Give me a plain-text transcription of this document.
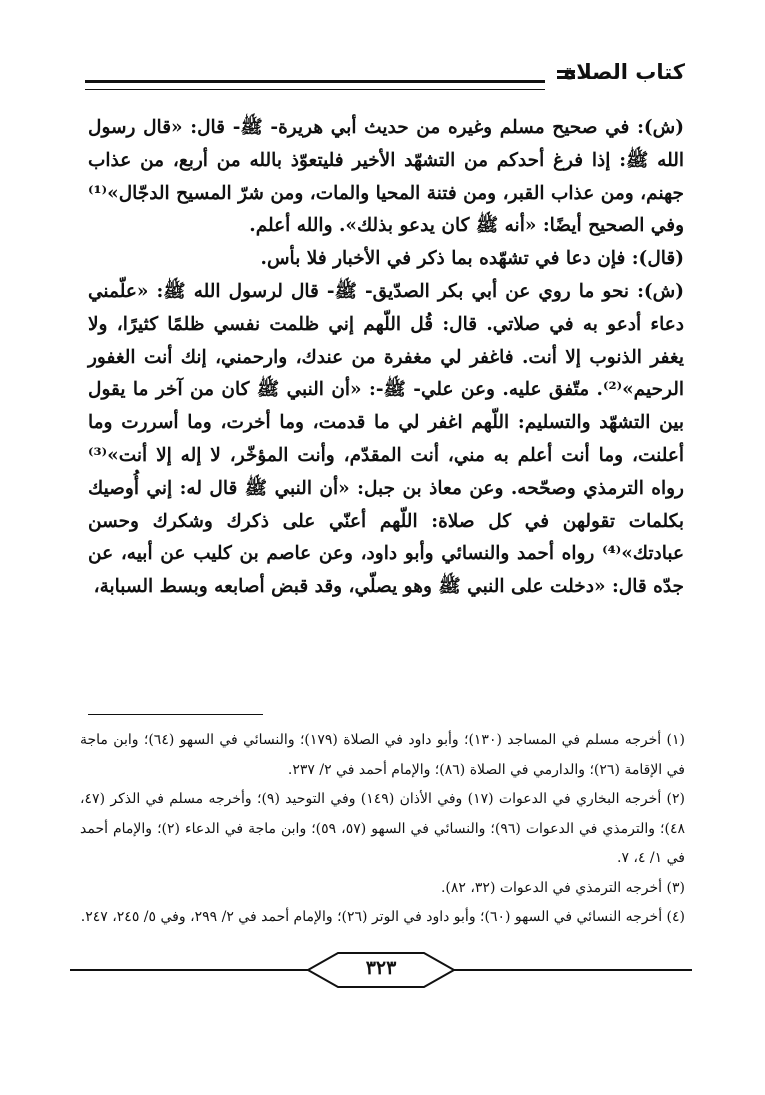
كتاب الصلاة

(ش): في صحيح مسلم وغيره من حديث أبي هريرة- ﷺ- قال: «قال رسول الله ﷺ: إذا فرغ أحدكم من التشهّد الأخير فليتعوّذ بالله من أربع، من عذاب جهنم، ومن عذاب القبر، ومن فتنة المحيا والمات، ومن شرّ المسيح الدجّال»⁽¹⁾ وفي الصحيح أيضًا: «أنه ﷺ كان يدعو بذلك». والله أعلم.

(قال): فإن دعا في تشهّده بما ذكر في الأخبار فلا بأس.

(ش): نحو ما روي عن أبي بكر الصدّيق- ﷺ- قال لرسول الله ﷺ: «علّمني دعاء أدعو به في صلاتي. قال: قُل اللّهم إني ظلمت نفسي ظلمًا كثيرًا، ولا يغفر الذنوب إلا أنت. فاغفر لي مغفرة من عندك، وارحمني، إنك أنت الغفور الرحيم»⁽²⁾. متّفق عليه. وعن علي- ﷺ-: «أن النبي ﷺ كان من آخر ما يقول بين التشهّد والتسليم: اللّهم اغفر لي ما قدمت، وما أخرت، وما أسررت وما أعلنت، وما أنت أعلم به مني، أنت المقدّم، وأنت المؤخّر، لا إله إلا أنت»⁽³⁾ رواه الترمذي وصحّحه. وعن معاذ بن جبل: «أن النبي ﷺ قال له: إني أُوصيك بكلمات تقولهن في كل صلاة: اللّهم أعنّي على ذكرك وشكرك وحسن عبادتك»⁽⁴⁾ رواه أحمد والنسائي وأبو داود، وعن عاصم بن كليب عن أبيه، عن جدّه قال: «دخلت على النبي ﷺ وهو يصلّي، وقد قبض أصابعه وبسط السبابة،

(١) أخرجه مسلم في المساجد (١٣٠)؛ وأبو داود في الصلاة (١٧٩)؛ والنسائي في السهو (٦٤)؛ وابن ماجة في الإقامة (٢٦)؛ والدارمي في الصلاة (٨٦)؛ والإمام أحمد في ٢/ ٢٣٧.

(٢) أخرجه البخاري في الدعوات (١٧) وفي الأذان (١٤٩) وفي التوحيد (٩)؛ وأخرجه مسلم في الذكر (٤٧، ٤٨)؛ والترمذي في الدعوات (٩٦)؛ والنسائي في السهو (٥٧، ٥٩)؛ وابن ماجة في الدعاء (٢)؛ والإمام أحمد في ١/ ٤، ٧.

(٣) أخرجه الترمذي في الدعوات (٣٢، ٨٢).

(٤) أخرجه النسائي في السهو (٦٠)؛ وأبو داود في الوتر (٢٦)؛ والإمام أحمد في ٢/ ٢٩٩، وفي ٥/ ٢٤٥، ٢٤٧.

٣٢٣
